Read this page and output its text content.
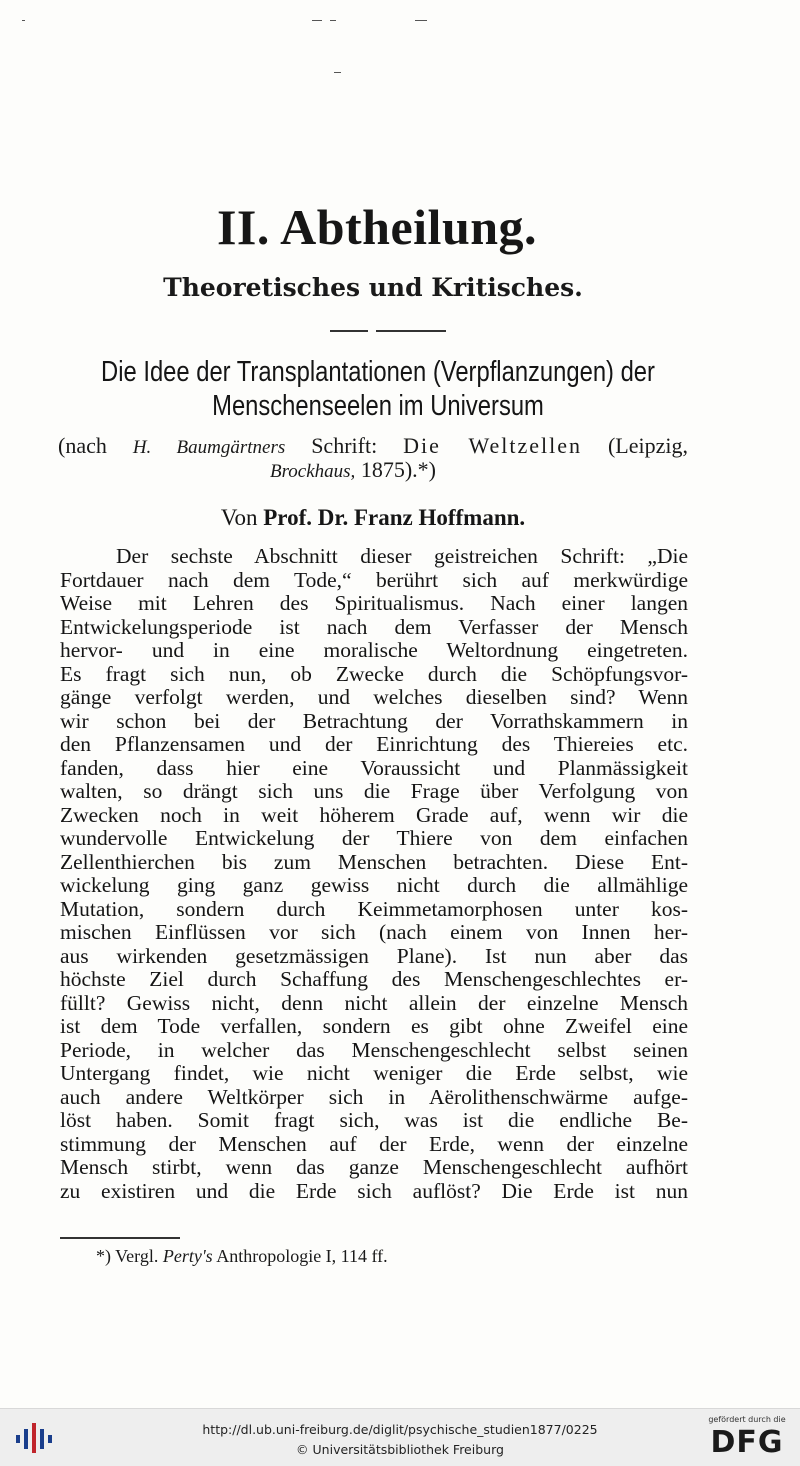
II. Abtheilung.
Theoretisches und Kritisches.
Die Idee der Transplantationen (Verpflanzungen) der
Menschenseelen im Universum
(nach H. Baumgärtners Schrift: Die Weltzellen (Leipzig,
Brockhaus, 1875).*)
Von Prof. Dr. Franz Hoffmann.
Der sechste Abschnitt dieser geistreichen Schrift: „Die
Fortdauer nach dem Tode,“ berührt sich auf merkwürdige
Weise mit Lehren des Spiritualismus. Nach einer langen
Entwickelungsperiode ist nach dem Verfasser der Mensch
hervor- und in eine moralische Weltordnung eingetreten.
Es fragt sich nun, ob Zwecke durch die Schöpfungsvor-
gänge verfolgt werden, und welches dieselben sind? Wenn
wir schon bei der Betrachtung der Vorrathskammern in
den Pflanzensamen und der Einrichtung des Thiereies etc.
fanden, dass hier eine Voraussicht und Planmässigkeit
walten, so drängt sich uns die Frage über Verfolgung von
Zwecken noch in weit höherem Grade auf, wenn wir die
wundervolle Entwickelung der Thiere von dem einfachen
Zellenthierchen bis zum Menschen betrachten. Diese Ent-
wickelung ging ganz gewiss nicht durch die allmählige
Mutation, sondern durch Keimmetamorphosen unter kos-
mischen Einflüssen vor sich (nach einem von Innen her-
aus wirkenden gesetzmässigen Plane). Ist nun aber das
höchste Ziel durch Schaffung des Menschengeschlechtes er-
füllt? Gewiss nicht, denn nicht allein der einzelne Mensch
ist dem Tode verfallen, sondern es gibt ohne Zweifel eine
Periode, in welcher das Menschengeschlecht selbst seinen
Untergang findet, wie nicht weniger die Erde selbst, wie
auch andere Weltkörper sich in Aërolithenschwärme aufge-
löst haben. Somit fragt sich, was ist die endliche Be-
stimmung der Menschen auf der Erde, wenn der einzelne
Mensch stirbt, wenn das ganze Menschengeschlecht aufhört
zu existiren und die Erde sich auflöst? Die Erde ist nun
*) Vergl. Perty's Anthropologie I, 114 ff.
http://dl.ub.uni-freiburg.de/diglit/psychische_studien1877/0225
© Universitätsbibliothek Freiburg
gefördert durch die
DFG
